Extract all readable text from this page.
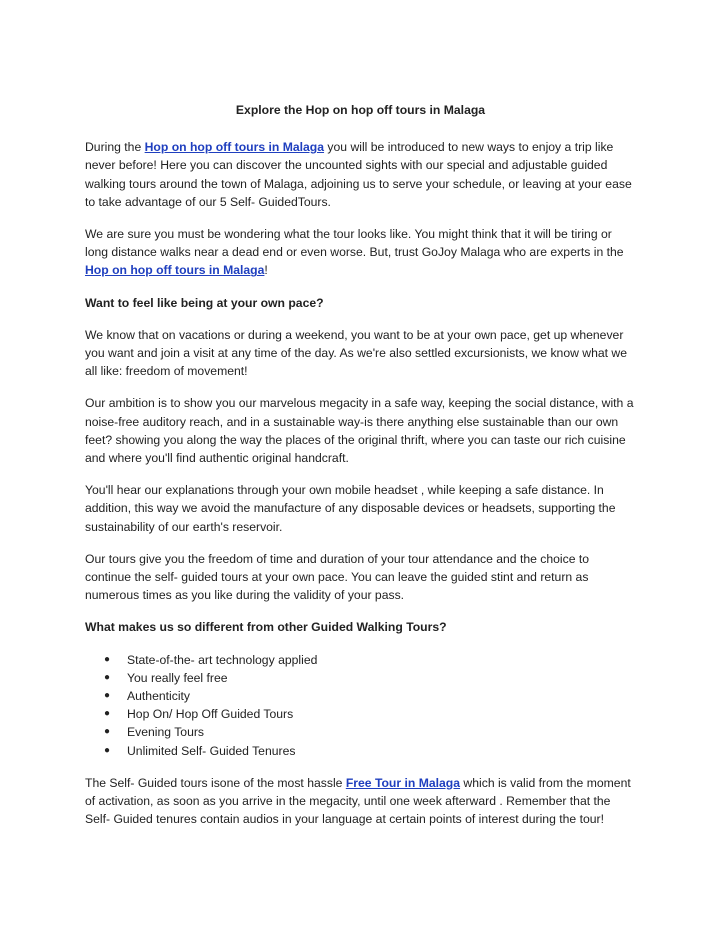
Explore the Hop on hop off tours in Malaga

During the Hop on hop off tours in Malaga you will be introduced to new ways to enjoy a trip like never before! Here you can discover the uncounted sights with our special and adjustable guided walking tours around the town of Malaga, adjoining us to serve your schedule, or leaving at your ease to take advantage of our 5 Self- GuidedTours.

We are sure you must be wondering what the tour looks like. You might think that it will be tiring or long distance walks near a dead end or even worse. But, trust GoJoy Malaga who are experts in the Hop on hop off tours in Malaga!

Want to feel like being at your own pace?

We know that on vacations or during a weekend, you want to be at your own pace, get up whenever you want and join a visit at any time of the day. As we're also settled excursionists, we know what we all like: freedom of movement!

Our ambition is to show you our marvelous megacity in a safe way, keeping the social distance, with a noise-free auditory reach, and in a sustainable way-is there anything else sustainable than our own feet? showing you along the way the places of the original thrift, where you can taste our rich cuisine and where you'll find authentic original handcraft.

You'll hear our explanations through your own mobile headset , while keeping a safe distance. In addition, this way we avoid the manufacture of any disposable devices or headsets, supporting the sustainability of our earth's reservoir.

Our tours give you the freedom of time and duration of your tour attendance and the choice to continue the self- guided tours at your own pace. You can leave the guided stint and return as numerous times as you like during the validity of your pass.

What makes us so different from other Guided Walking Tours?

● State-of-the- art technology applied
● You really feel free
● Authenticity
● Hop On/ Hop Off Guided Tours
● Evening Tours
● Unlimited Self- Guided Tenures

The Self- Guided tours isone of the most hassle Free Tour in Malaga which is valid from the moment of activation, as soon as you arrive in the megacity, until one week afterward . Remember that the Self- Guided tenures contain audios in your language at certain points of interest during the tour!
